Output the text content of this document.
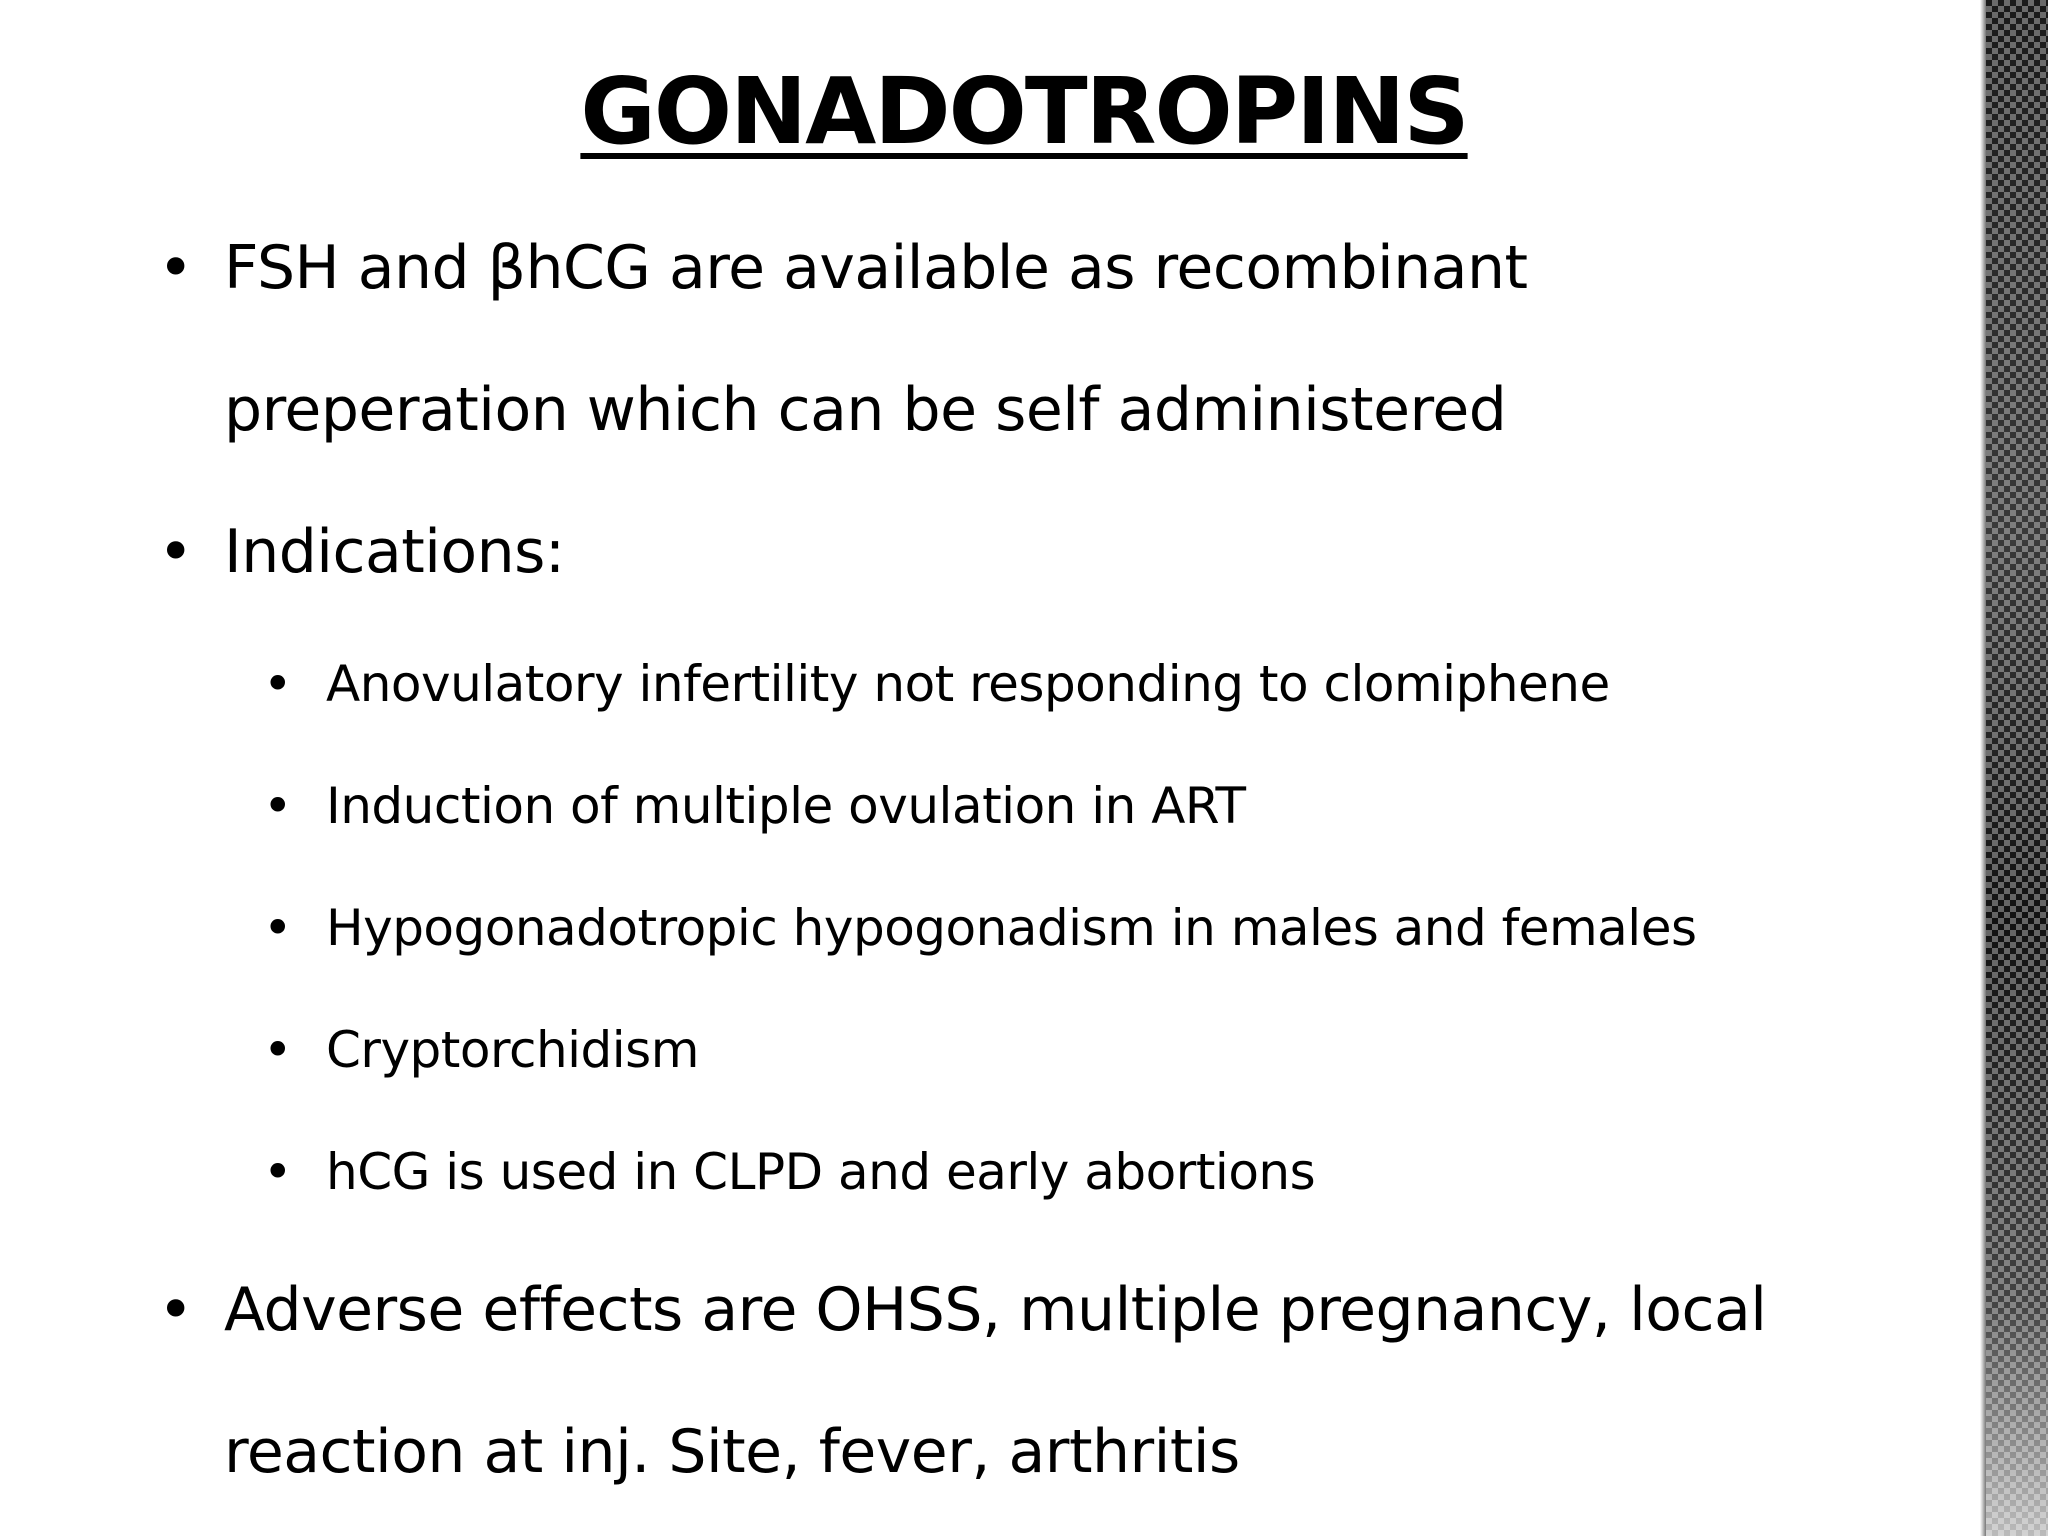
GONADOTROPINS
• FSH and βhCG are available as recombinant
preperation which can be self administered
• Indications:
• Anovulatory infertility not responding to clomiphene
• Induction of multiple ovulation in ART
• Hypogonadotropic hypogonadism in males and females
• Cryptorchidism
• hCG is used in CLPD and early abortions
• Adverse effects are OHSS, multiple pregnancy, local
reaction at inj. Site, fever, arthritis
